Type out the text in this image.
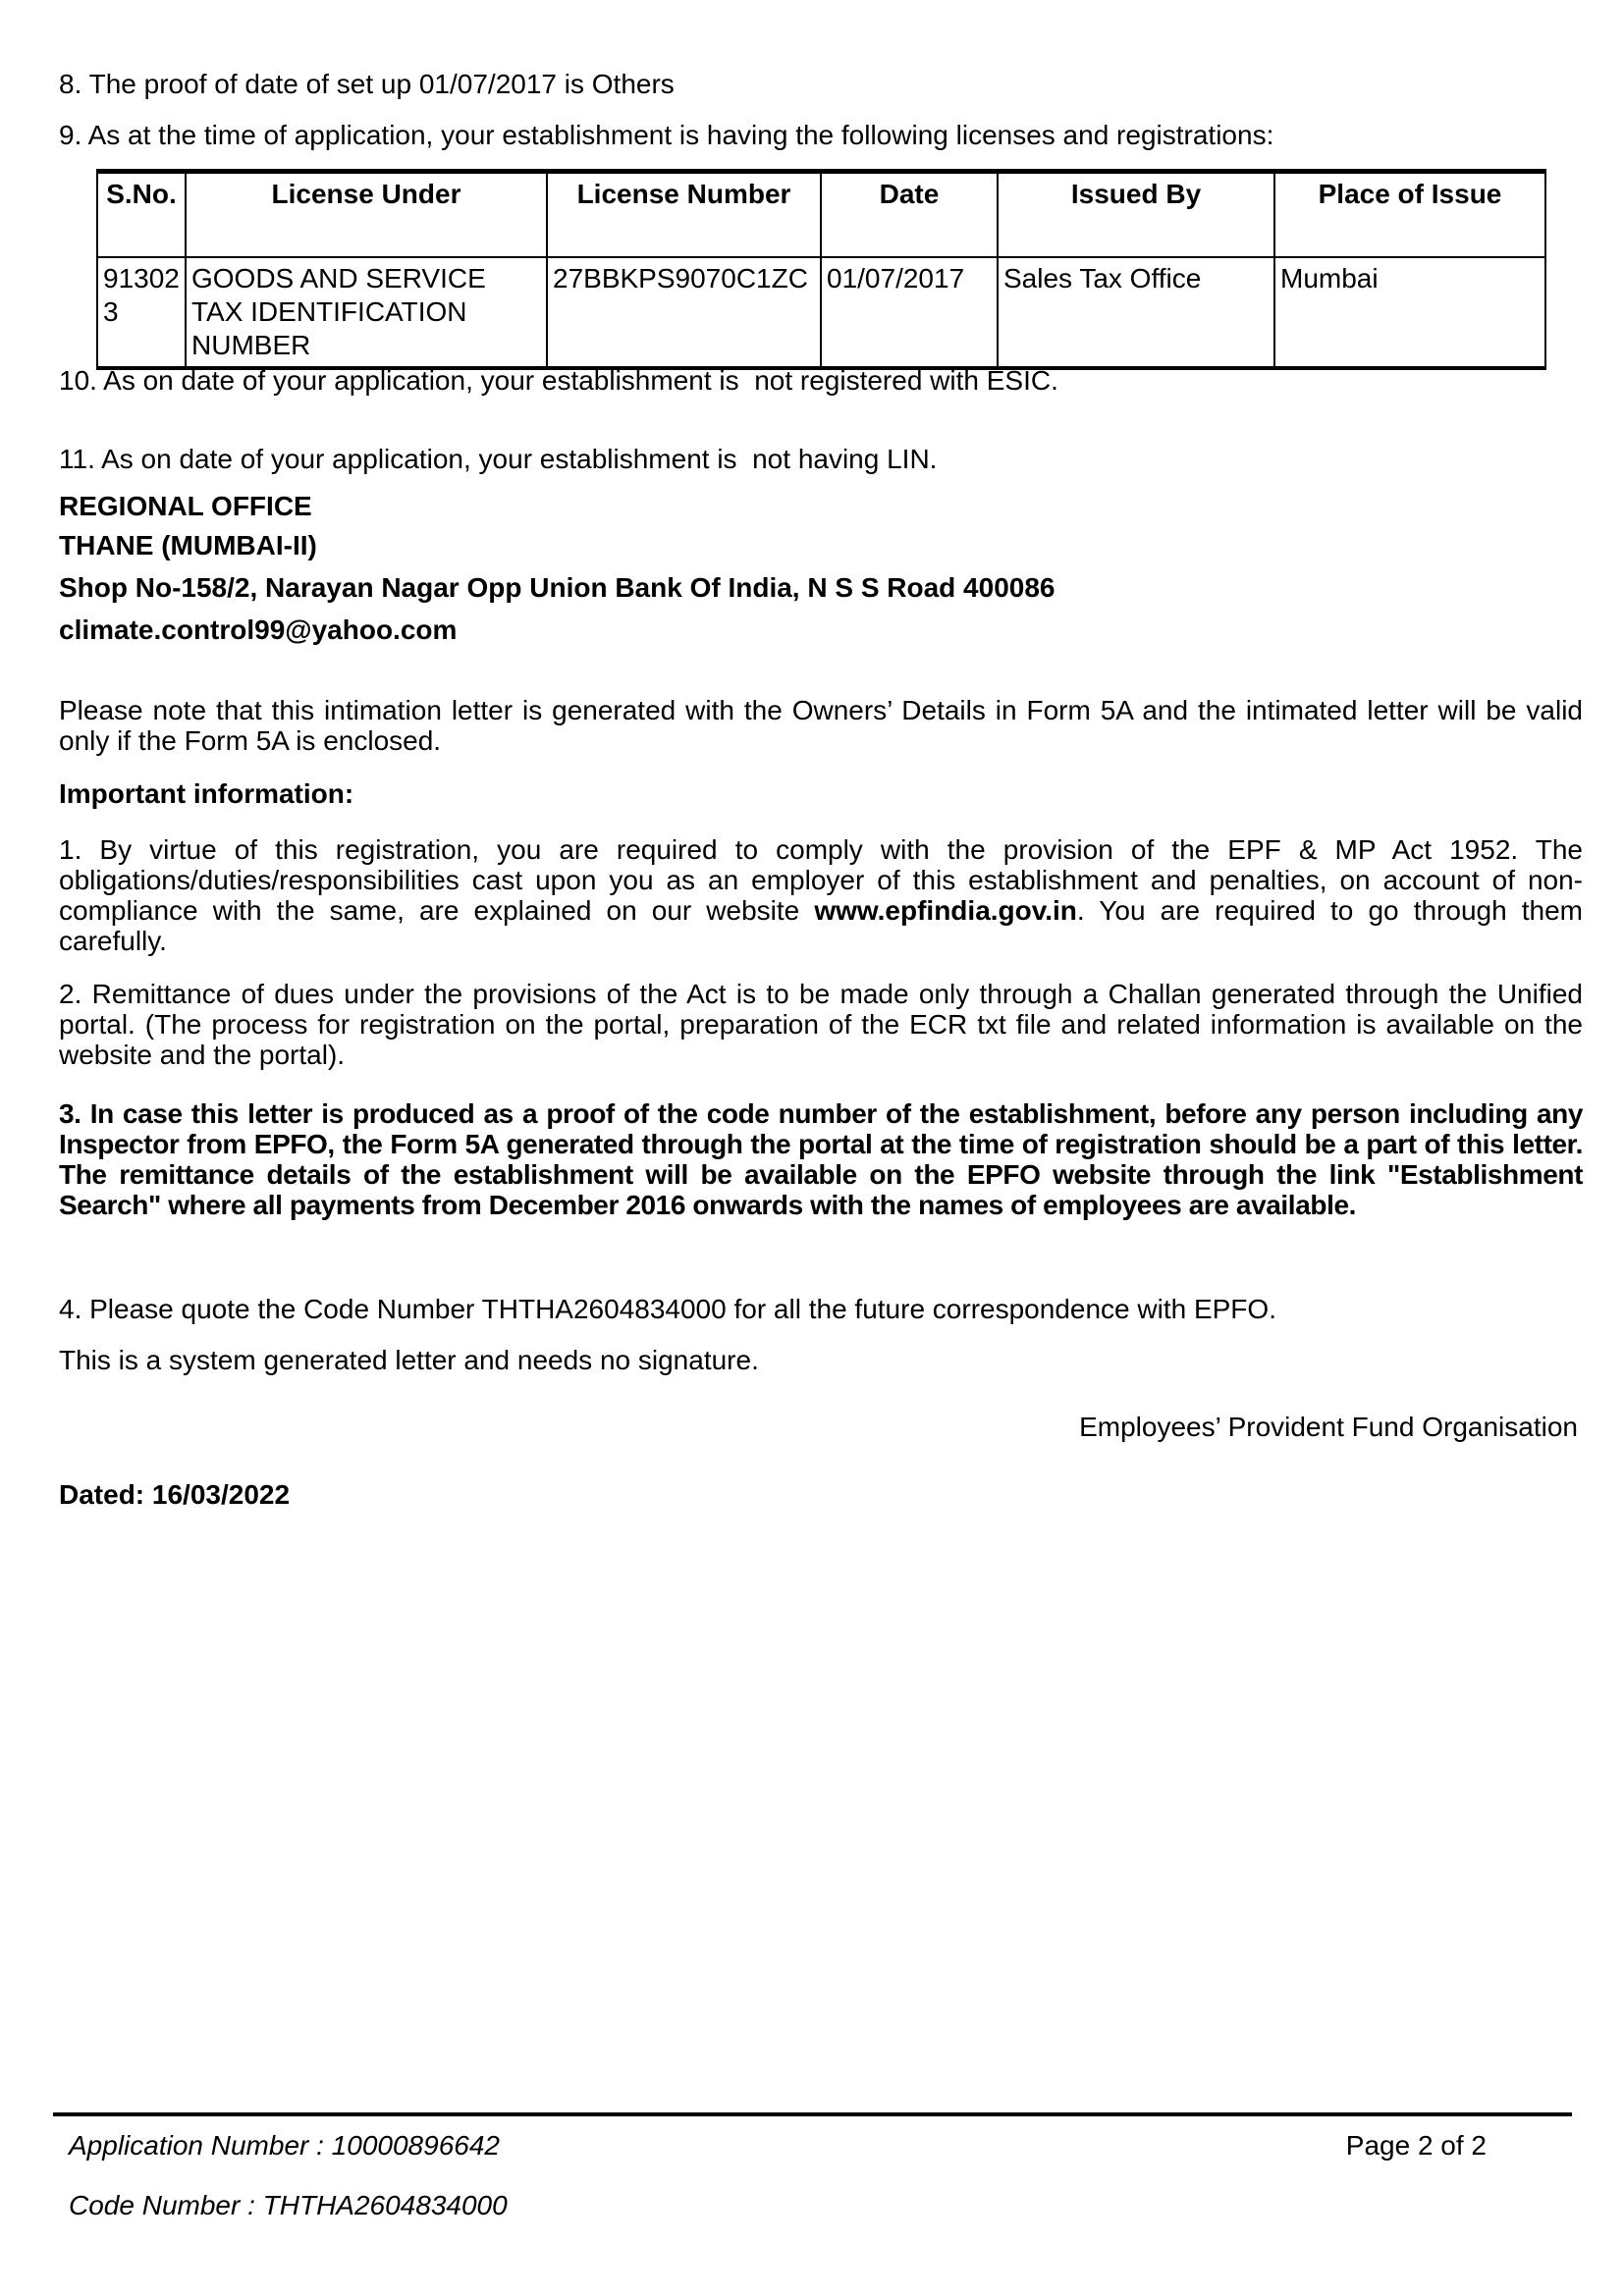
8. The proof of date of set up 01/07/2017 is Others
9. As at the time of application, your establishment is having the following licenses and registrations:
S.No.	License Under	License Number	Date	Issued By	Place of Issue
913023	GOODS AND SERVICE TAX IDENTIFICATION NUMBER	27BBKPS9070C1ZC	01/07/2017	Sales Tax Office	Mumbai
10. As on date of your application, your establishment is  not registered with ESIC.
11. As on date of your application, your establishment is  not having LIN.
REGIONAL OFFICE
THANE (MUMBAI-II)
Shop No-158/2, Narayan Nagar Opp Union Bank Of India, N S S Road 400086
climate.control99@yahoo.com
Please note that this intimation letter is generated with the Owners’ Details in Form 5A and the intimated letter will be valid only if the Form 5A is enclosed.
Important information:
1. By virtue of this registration, you are required to comply with the provision of the EPF & MP Act 1952. The obligations/duties/responsibilities cast upon you as an employer of this establishment and penalties, on account of non-compliance with the same, are explained on our website www.epfindia.gov.in. You are required to go through them carefully.
2. Remittance of dues under the provisions of the Act is to be made only through a Challan generated through the Unified portal. (The process for registration on the portal, preparation of the ECR txt file and related information is available on the website and the portal).
3. In case this letter is produced as a proof of the code number of the establishment, before any person including any Inspector from EPFO, the Form 5A generated through the portal at the time of registration should be a part of this letter. The remittance details of the establishment will be available on the EPFO website through the link "Establishment Search" where all payments from December 2016 onwards with the names of employees are available.
4. Please quote the Code Number THTHA2604834000 for all the future correspondence with EPFO.
This is a system generated letter and needs no signature.
Employees’ Provident Fund Organisation
Dated: 16/03/2022
Application Number : 10000896642	Page 2 of 2
Code Number : THTHA2604834000
